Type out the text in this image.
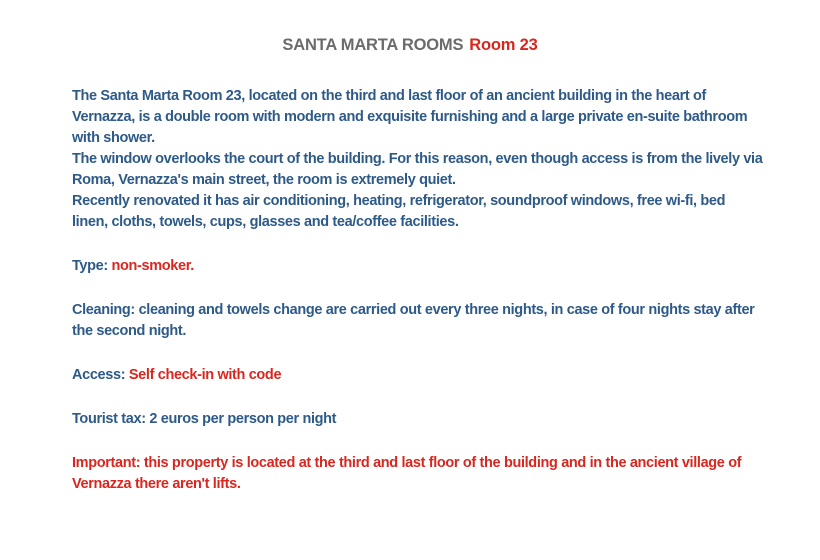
SANTA MARTA ROOMS Room 23
The Santa Marta Room 23, located on the third and last floor of an ancient building in the heart of Vernazza, is a double room with modern and exquisite furnishing and a large private en-suite bathroom with shower.
The window overlooks the court of the building. For this reason, even though access is from the lively via Roma, Vernazza's main street, the room is extremely quiet.
Recently renovated it has air conditioning, heating, refrigerator, soundproof windows, free wi-fi, bed linen, cloths, towels, cups, glasses and tea/coffee facilities.
Type: non-smoker.
Cleaning: cleaning and towels change are carried out every three nights, in case of four nights stay after the second night.
Access: Self check-in with code
Tourist tax: 2 euros per person per night
Important: this property is located at the third and last floor of the building and in the ancient village of Vernazza there aren't lifts.
